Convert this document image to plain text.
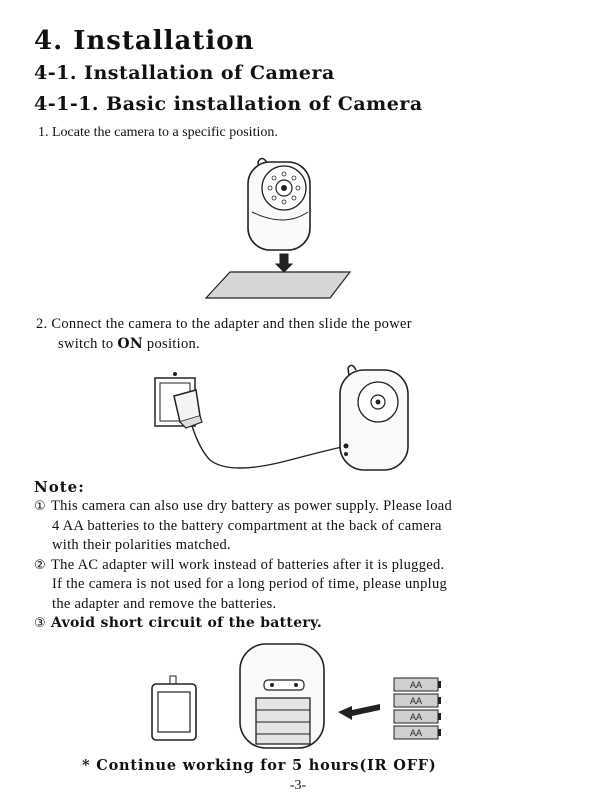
4. Installation
4-1. Installation of Camera
4-1-1. Basic installation of Camera
1. Locate the camera to a specific position.
2. Connect the camera to the adapter and then slide the power
switch to ON position.
Note:
① This camera can also use dry battery as power supply. Please load
4 AA batteries to the battery compartment at the back of camera
with their polarities matched.
② The AC adapter will work instead of batteries after it is plugged.
If the camera is not used for a long period of time, please unplug
the adapter and remove the batteries.
③ Avoid short circuit of the battery.
AA
AA
AA
AA
* Continue working for 5 hours(IR OFF)
-3-
